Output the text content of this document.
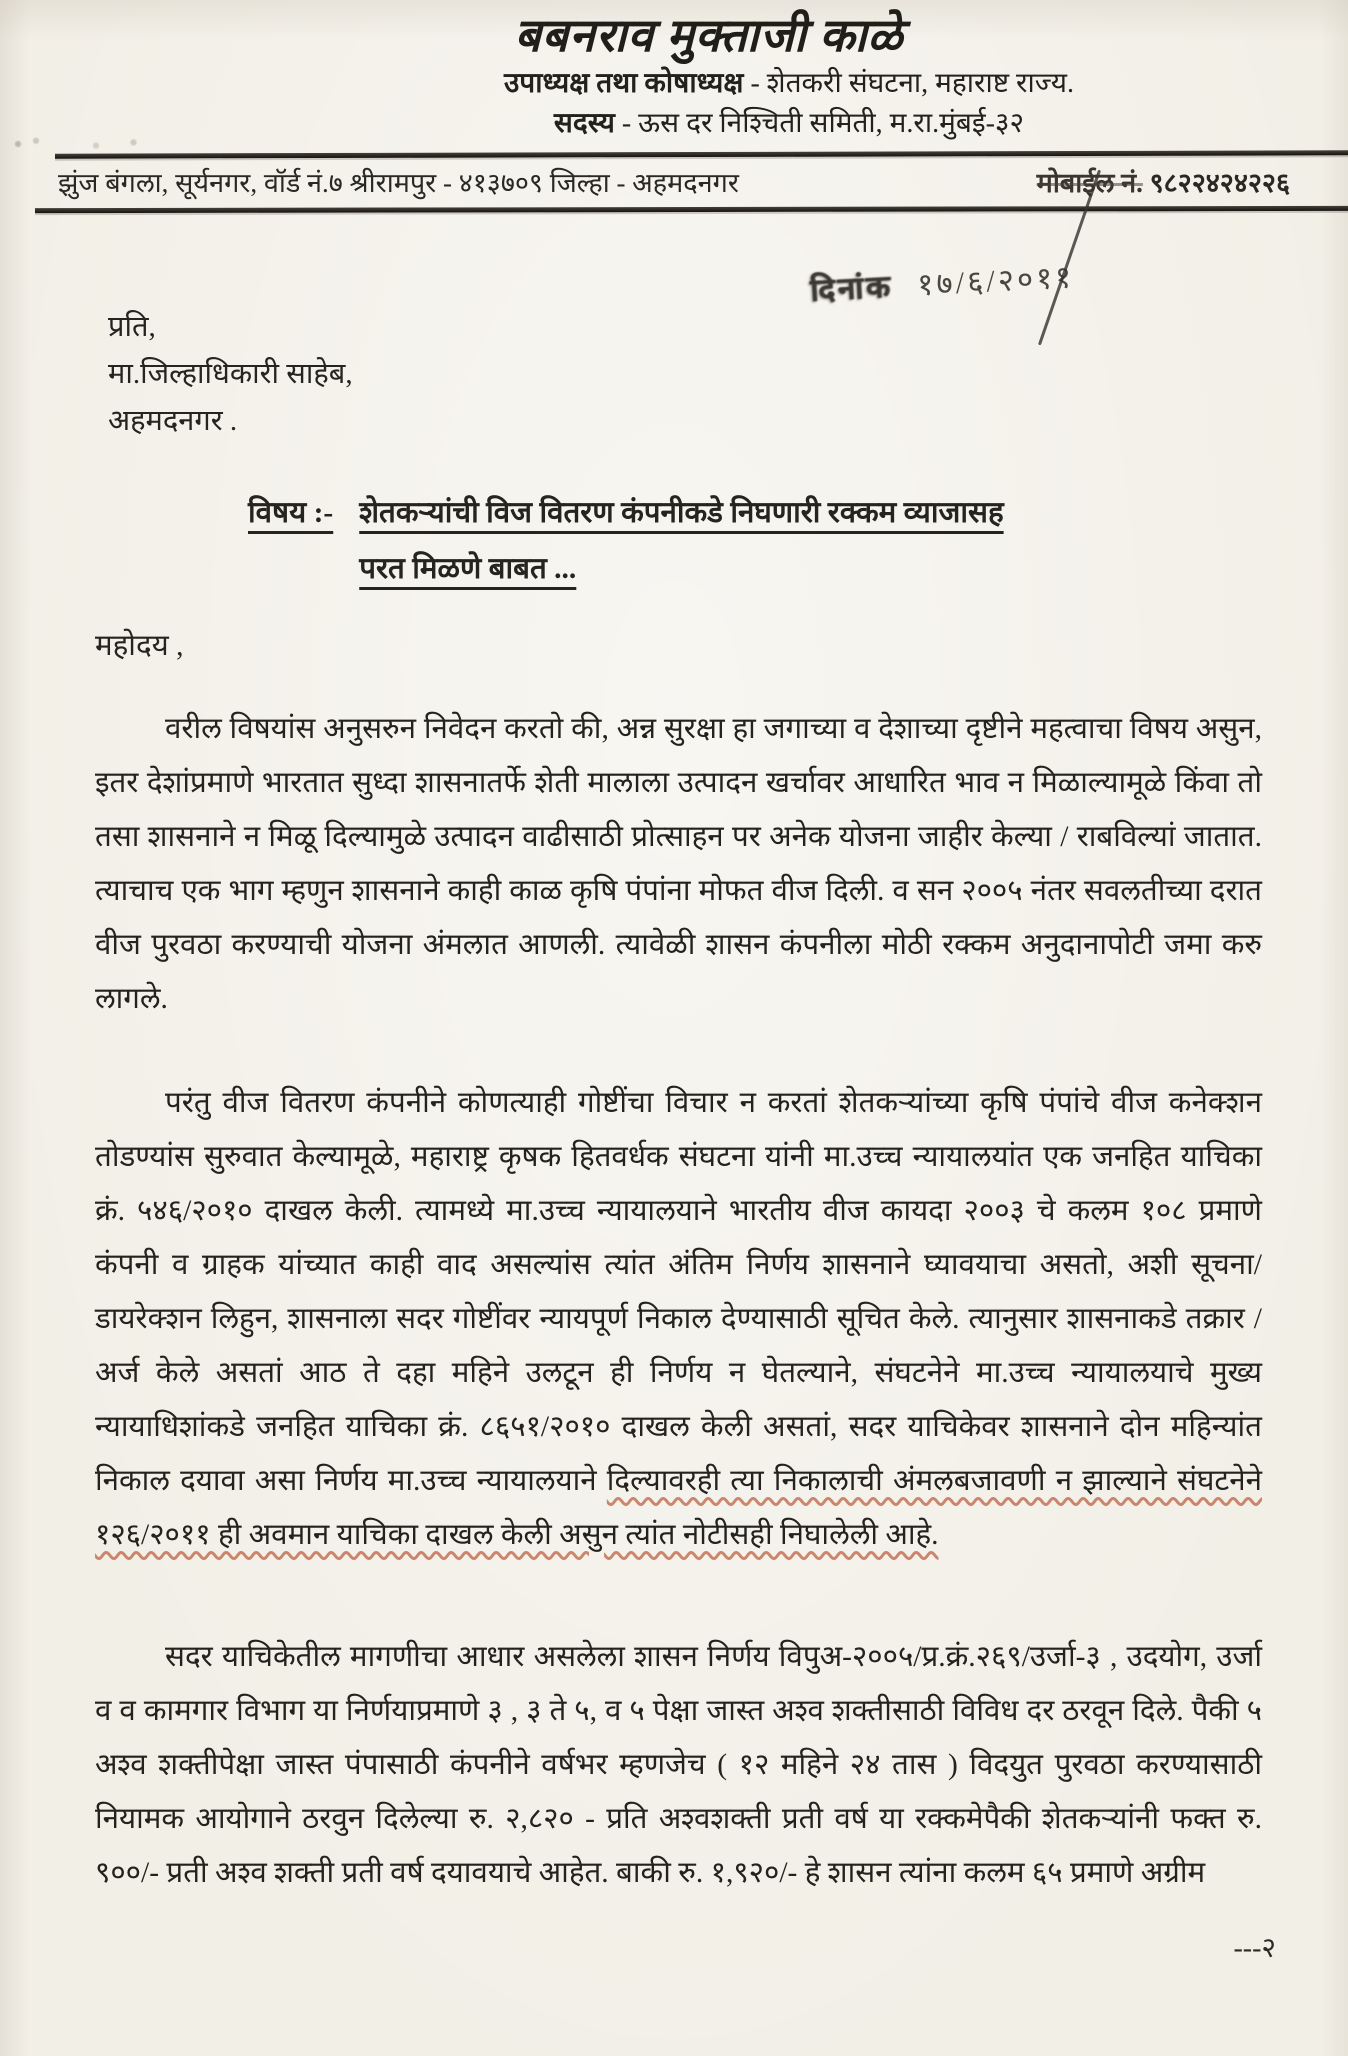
बबनराव मुक्ताजी काळे
उपाध्यक्ष तथा कोषाध्यक्ष - शेतकरी संघटना, महाराष्ट राज्य.
सदस्य - ऊस दर निश्चिती समिती, म.रा.मुंबई-३२
झुंज बंगला, सूर्यनगर, वॉर्ड नं.७ श्रीरामपुर - ४१३७०९ जिल्हा - अहमदनगर	मोबाईल नं. ९८२२४२४२२६
दिनांक १७/६/२०११
प्रति,
मा.जिल्हाधिकारी साहेब,
अहमदनगर .
विषय :- शेतकऱ्यांची विज वितरण कंपनीकडे निघणारी रक्कम व्याजासह
परत मिळणे बाबत ...
महोदय ,

वरील विषयांस अनुसरुन निवेदन करतो की, अन्न सुरक्षा हा जगाच्या व देशाच्या दृष्टीने महत्वाचा विषय असुन, इतर देशांप्रमाणे भारतात सुध्दा शासनातर्फे शेती मालाला उत्पादन खर्चावर आधारित भाव न मिळाल्यामूळे किंवा तो तसा शासनाने न मिळू दिल्यामुळे उत्पादन वाढीसाठी प्रोत्साहन पर अनेक योजना जाहीर केल्या / राबविल्यां जातात. त्याचाच एक भाग म्हणुन शासनाने काही काळ कृषि पंपांना मोफत वीज दिली. व सन २००५ नंतर सवलतीच्या दरात वीज पुरवठा करण्याची योजना अंमलात आणली. त्यावेळी शासन कंपनीला मोठी रक्कम अनुदानापोटी जमा करु लागले.

परंतु वीज वितरण कंपनीने कोणत्याही गोष्टींचा विचार न करतां शेतकऱ्यांच्या कृषि पंपांचे वीज कनेक्शन तोडण्यांस सुरुवात केल्यामूळे, महाराष्ट्र कृषक हितवर्धक संघटना यांनी मा.उच्च न्यायालयांत एक जनहित याचिका क्रं. ५४६/२०१० दाखल केली. त्यामध्ये मा.उच्च न्यायालयाने भारतीय वीज कायदा २००३ चे कलम १०८ प्रमाणे कंपनी व ग्राहक यांच्यात काही वाद असल्यांस त्यांत अंतिम निर्णय शासनाने घ्यावयाचा असतो, अशी सूचना/डायरेक्शन लिहुन, शासनाला सदर गोष्टींवर न्यायपूर्ण निकाल देण्यासाठी सूचित केले. त्यानुसार शासनाकडे तक्रार / अर्ज केले असतां आठ ते दहा महिने उलटून ही निर्णय न घेतल्याने, संघटनेने मा.उच्च न्यायालयाचे मुख्य न्यायाधिशांकडे जनहित याचिका क्रं. ८६५१/२०१० दाखल केली असतां, सदर याचिकेवर शासनाने दोन महिन्यांत निकाल दयावा असा निर्णय मा.उच्च न्यायालयाने दिल्यावरही त्या निकालाची अंमलबजावणी न झाल्याने संघटनेने १२६/२०११ ही अवमान याचिका दाखल केली असुन त्यांत नोटीसही निघालेली आहे.

सदर याचिकेतील मागणीचा आधार असलेला शासन निर्णय विपुअ-२००५/प्र.क्रं.२६९/उर्जा-३ , उदयोग, उर्जा व व कामगार विभाग या निर्णयाप्रमाणे ३ , ३ ते ५, व ५ पेक्षा जास्त अश्व शक्तीसाठी विविध दर ठरवून दिले. पैकी ५ अश्व शक्तीपेक्षा जास्त पंपासाठी कंपनीने वर्षभर म्हणजेच ( १२ महिने २४ तास ) विदयुत पुरवठा करण्यासाठी नियामक आयोगाने ठरवुन दिलेल्या रु. २,८२० - प्रति अश्वशक्ती प्रती वर्ष या रक्कमेपैकी शेतकऱ्यांनी फक्त रु. ९००/- प्रती अश्व शक्ती प्रती वर्ष दयावयाचे आहेत. बाकी रु. १,९२०/- हे शासन त्यांना कलम ६५ प्रमाणे अग्रीम

---२
